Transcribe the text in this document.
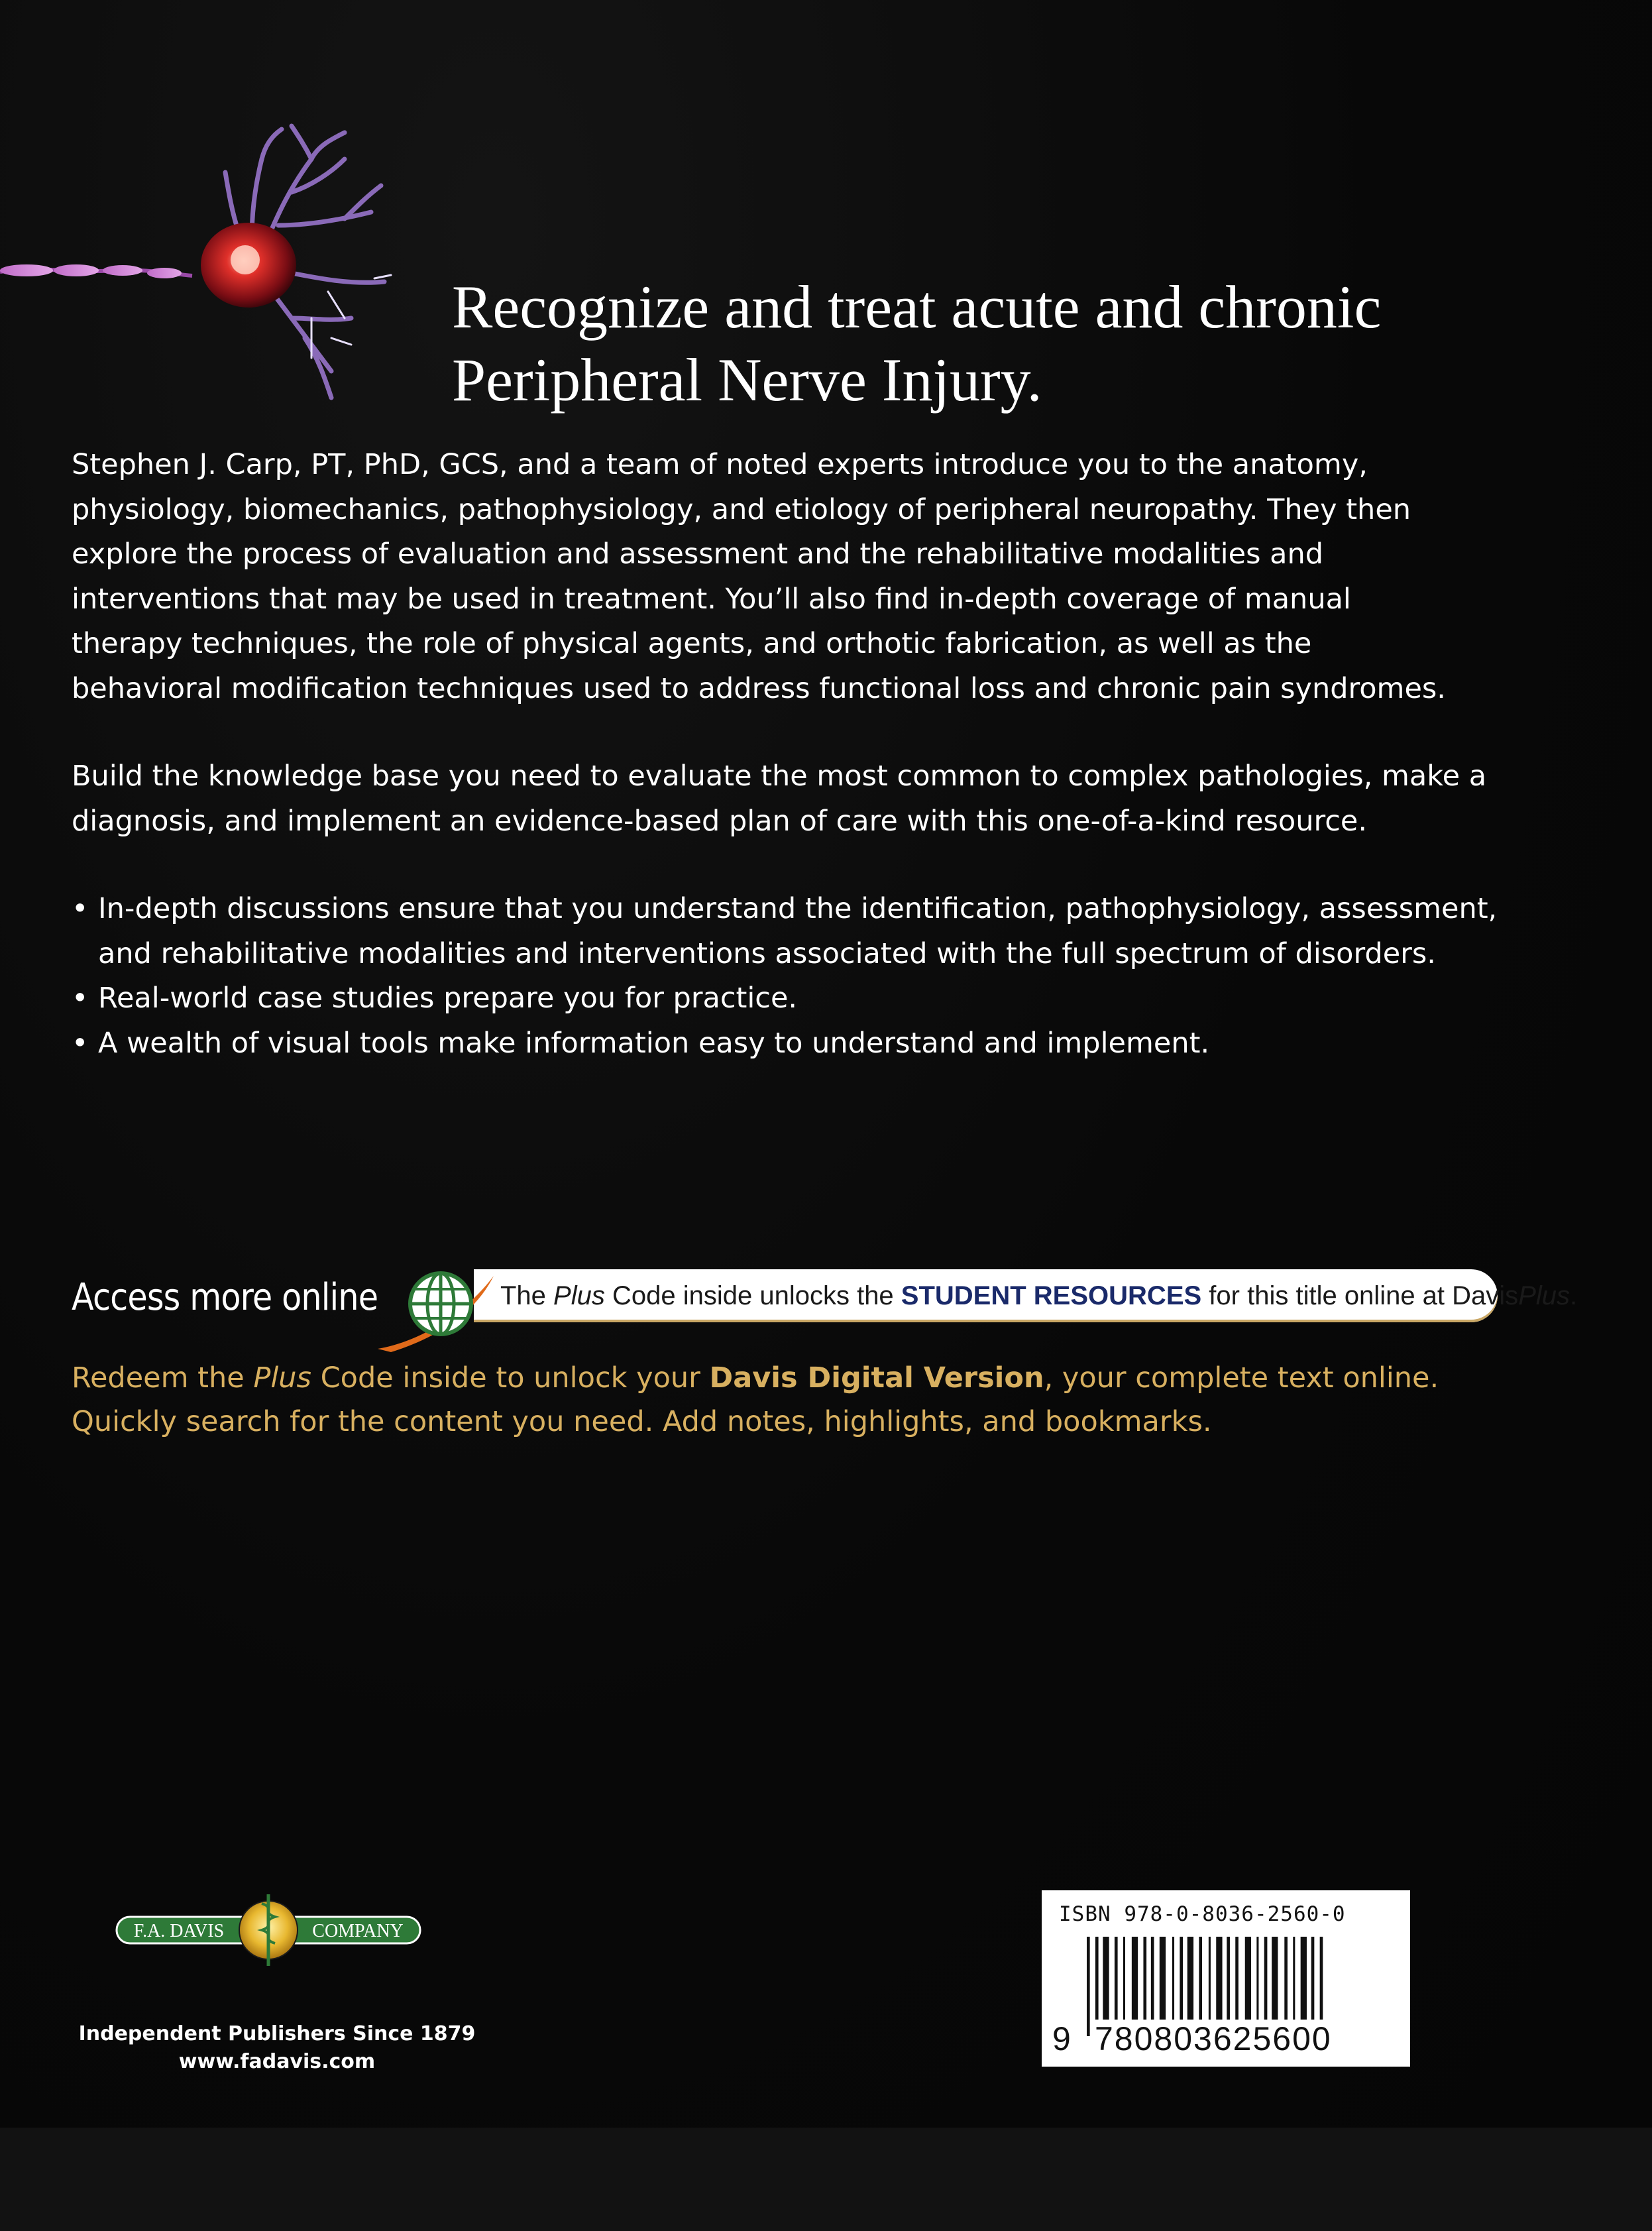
Recognize and treat acute and chronic
Peripheral Nerve Injury.

Stephen J. Carp, PT, PhD, GCS, and a team of noted experts introduce you to the anatomy,
physiology, biomechanics, pathophysiology, and etiology of peripheral neuropathy. They then
explore the process of evaluation and assessment and the rehabilitative modalities and
interventions that may be used in treatment. You’ll also find in-depth coverage of manual
therapy techniques, the role of physical agents, and orthotic fabrication, as well as the
behavioral modification techniques used to address functional loss and chronic pain syndromes.

Build the knowledge base you need to evaluate the most common to complex pathologies, make a
diagnosis, and implement an evidence-based plan of care with this one-of-a-kind resource.

• In-depth discussions ensure that you understand the identification, pathophysiology, assessment,
and rehabilitative modalities and interventions associated with the full spectrum of disorders.
• Real-world case studies prepare you for practice.
• A wealth of visual tools make information easy to understand and implement.
Access more online	The Plus Code inside unlocks the STUDENT RESOURCES for this title online at DavisPlus.

Redeem the Plus Code inside to unlock your Davis Digital Version, your complete text online.
Quickly search for the content you need. Add notes, highlights, and bookmarks.

F.A. DAVIS	COMPANY
Independent Publishers Since 1879
www.fadavis.com
ISBN 978-0-8036-2560-0
9 780803625600
